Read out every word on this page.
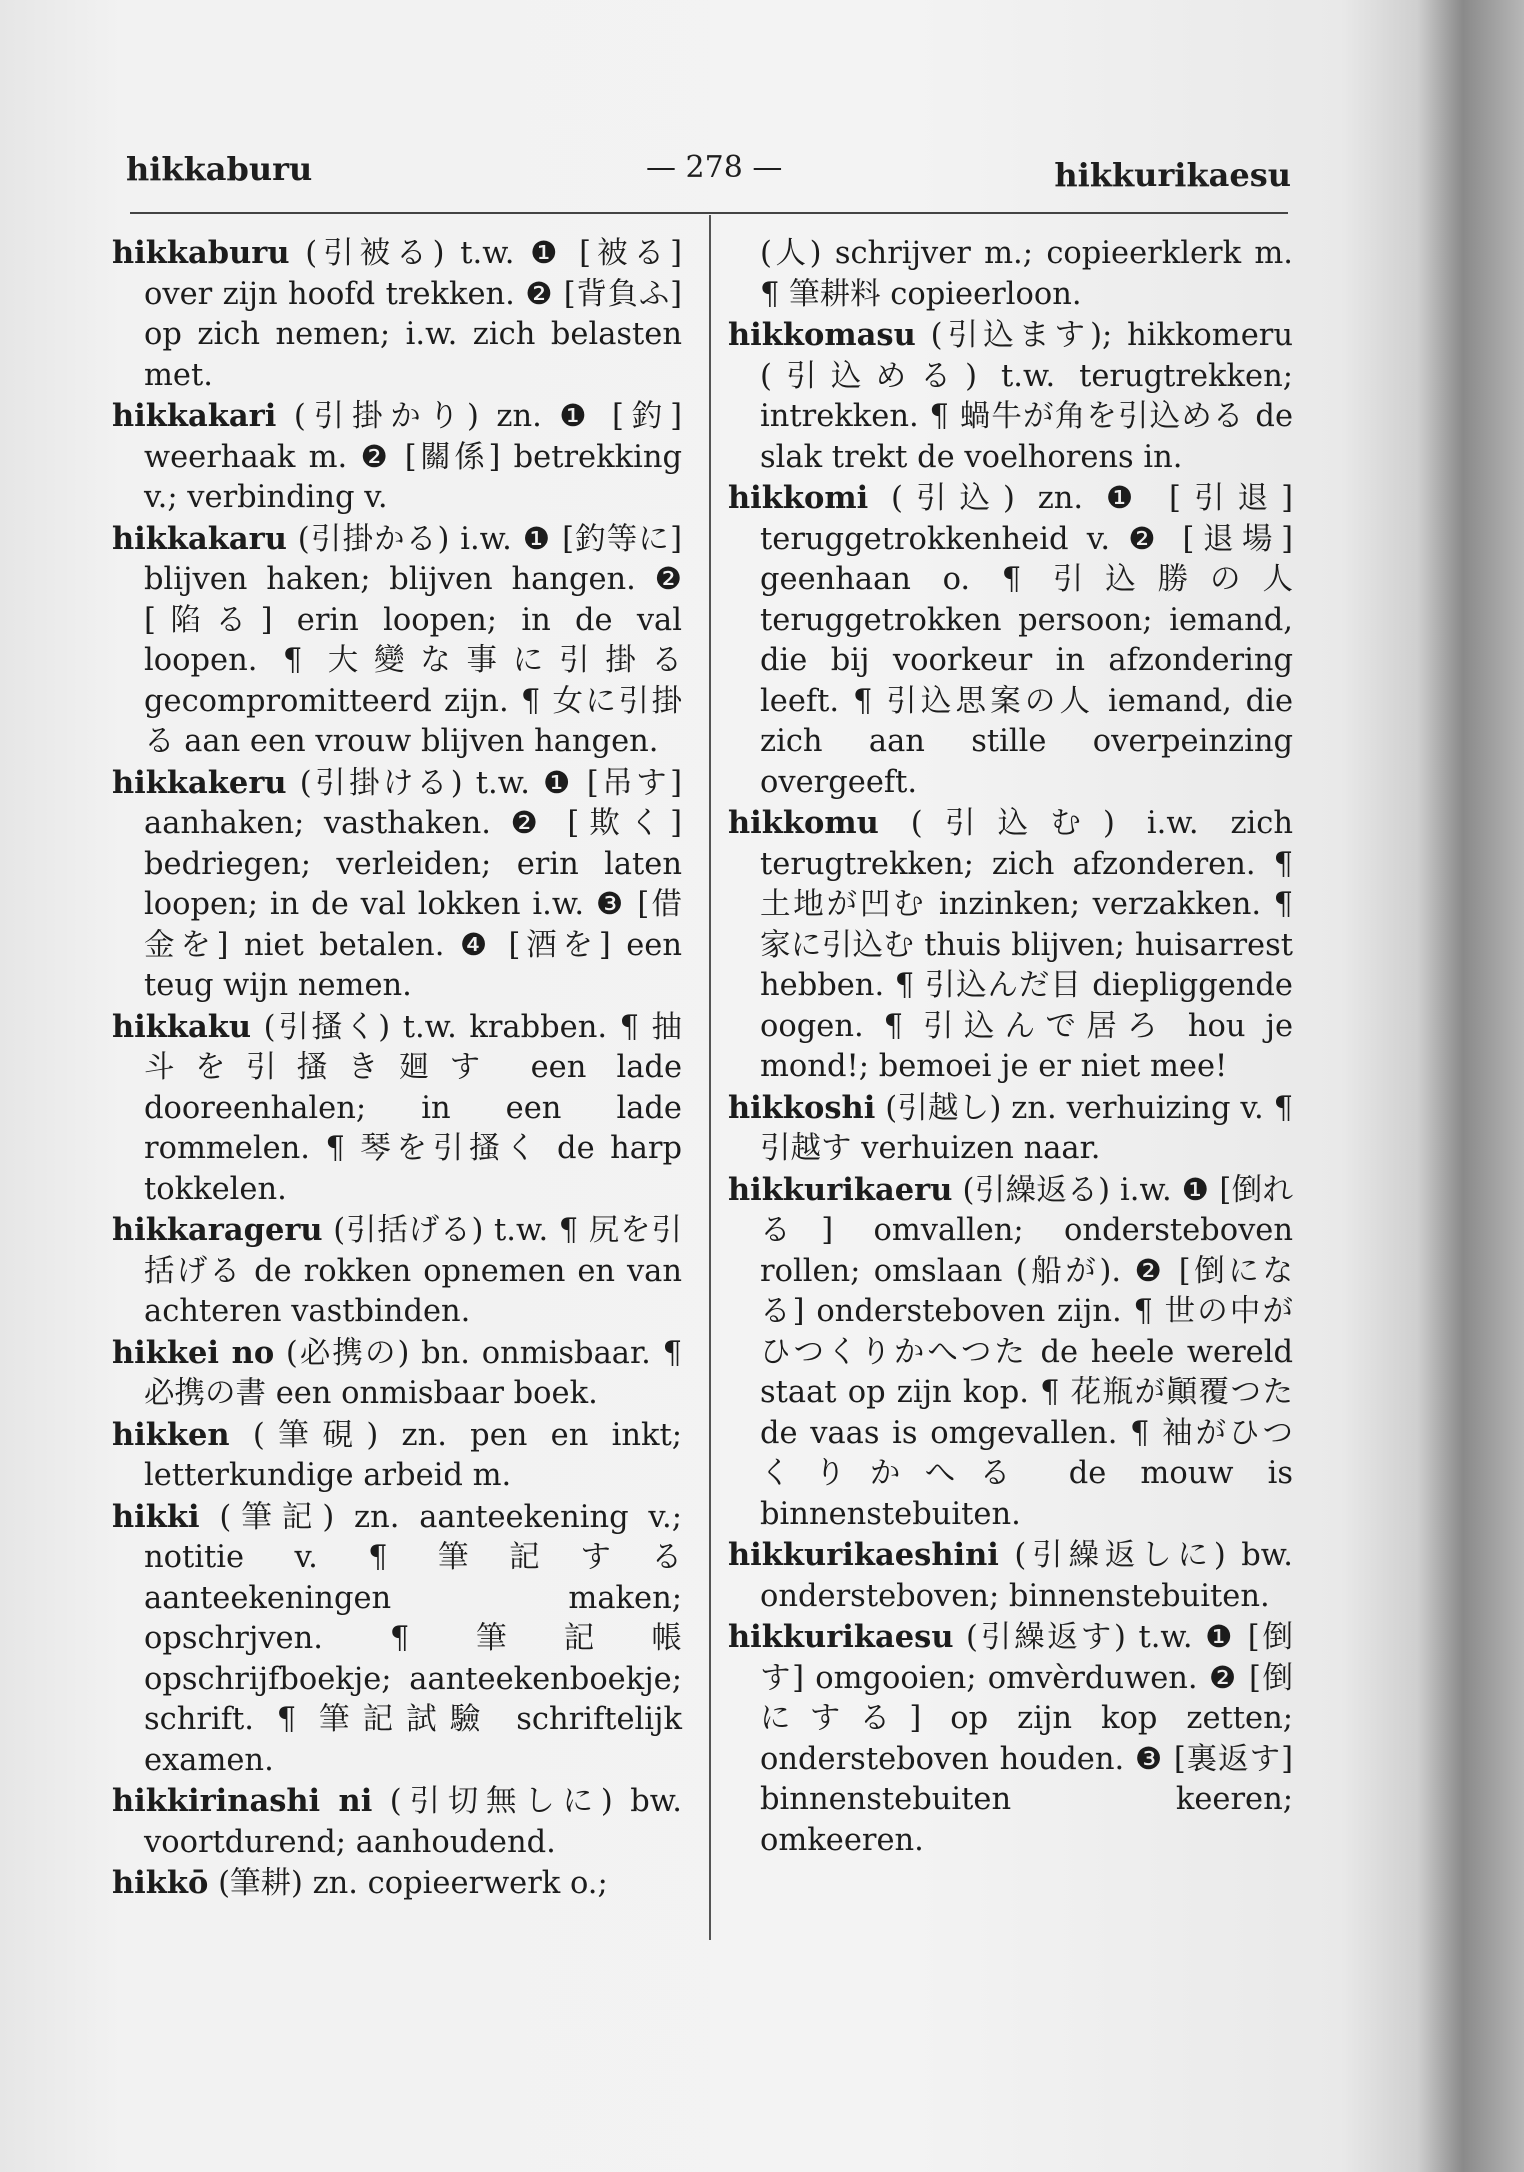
hikkaburu	— 278 —	hikkurikaesu

hikkaburu (引被る) t.w. ❶ [被る] over zijn hoofd trekken. ❷ [背負ふ] op zich nemen; i.w. zich belasten met.

hikkakari (引掛かり) zn. ❶ [釣] weerhaak m. ❷ [關係] betrekking v.; verbinding v.

hikkakaru (引掛かる) i.w. ❶ [釣等に] blijven haken; blijven hangen. ❷ [陷る] erin loopen; in de val loopen. ¶ 大變な事に引掛る gecompromitteerd zijn. ¶ 女に引掛る aan een vrouw blijven hangen.

hikkakeru (引掛ける) t.w. ❶ [吊す] aanhaken; vasthaken. ❷ [欺く] bedriegen; verleiden; erin laten loopen; in de val lokken i.w. ❸ [借金を] niet betalen. ❹ [酒を] een teug wijn nemen.

hikkaku (引搔く) t.w. krabben. ¶ 抽斗を引搔き廻す een lade dooreenhalen; in een lade rommelen. ¶ 琴を引搔く de harp tokkelen.

hikkarageru (引括げる) t.w. ¶ 尻を引括げる de rokken opnemen en van achteren vastbinden.

hikkei no (必携の) bn. onmisbaar. ¶ 必携の書 een onmisbaar boek.

hikken (筆硯) zn. pen en inkt; letterkundige arbeid m.

hikki (筆記) zn. aanteekening v.; notitie v. ¶ 筆記する aanteekeningen maken; opschrjven. ¶ 筆記帳 opschrijfboekje; aanteekenboekje; schrift. ¶ 筆記試驗 schriftelijk examen.

hikkirinashi ni (引切無しに) bw. voortdurend; aanhoudend.

hikkō (筆耕) zn. copieerwerk o.;

(人) schrijver m.; copieerklerk m. ¶ 筆耕料 copieerloon.

hikkomasu (引込ます); hikkomeru (引込める) t.w. terugtrekken; intrekken. ¶ 蝸牛が角を引込める de slak trekt de voelhorens in.

hikkomi (引込) zn. ❶ [引退] teruggetrokkenheid v. ❷ [退場] geenhaan o. ¶ 引込勝の人 teruggetrokken persoon; iemand, die bij voorkeur in afzondering leeft. ¶ 引込思案の人 iemand, die zich aan stille overpeinzing overgeeft.

hikkomu (引込む) i.w. zich terugtrekken; zich afzonderen. ¶ 土地が凹む inzinken; verzakken. ¶ 家に引込む thuis blijven; huisarrest hebben. ¶ 引込んだ目 diepliggende oogen. ¶ 引込んで居ろ hou je mond!; bemoei je er niet mee!

hikkoshi (引越し) zn. verhuizing v. ¶ 引越す verhuizen naar.

hikkurikaeru (引繰返る) i.w. ❶ [倒れる] omvallen; ondersteboven rollen; omslaan (船が). ❷ [倒になる] ondersteboven zijn. ¶ 世の中がひつくりかへつた de heele wereld staat op zijn kop. ¶ 花瓶が顚覆つた de vaas is omgevallen. ¶ 袖がひつくりかへる de mouw is binnenstebuiten.

hikkurikaeshini (引繰返しに) bw. ondersteboven; binnenstebuiten.

hikkurikaesu (引繰返す) t.w. ❶ [倒す] omgooien; omvèrduwen. ❷ [倒にする] op zijn kop zetten; ondersteboven houden. ❸ [裏返す] binnenstebuiten keeren; omkeeren.
